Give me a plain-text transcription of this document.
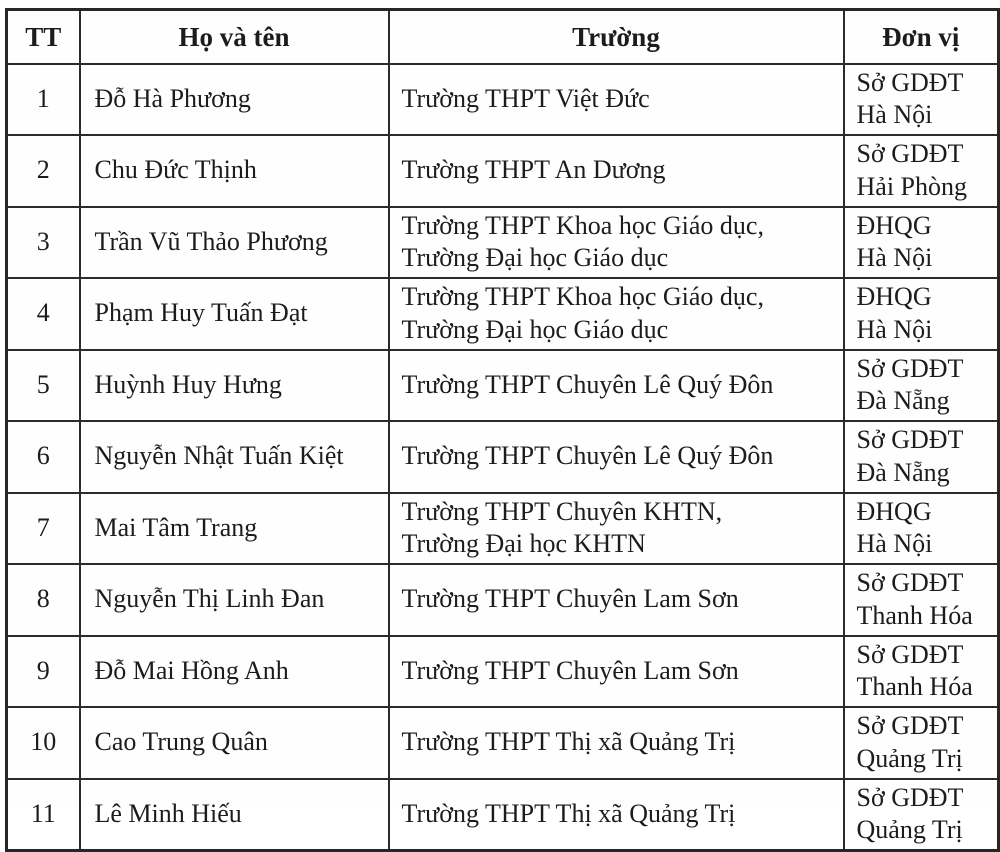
TT	Họ và tên	Trường	Đơn vị
1	Đỗ Hà Phương	Trường THPT Việt Đức	Sở GDĐT
Hà Nội
2	Chu Đức Thịnh	Trường THPT An Dương	Sở GDĐT
Hải Phòng
3	Trần Vũ Thảo Phương	Trường THPT Khoa học Giáo dục,
Trường Đại học Giáo dục	ĐHQG
Hà Nội
4	Phạm Huy Tuấn Đạt	Trường THPT Khoa học Giáo dục,
Trường Đại học Giáo dục	ĐHQG
Hà Nội
5	Huỳnh Huy Hưng	Trường THPT Chuyên Lê Quý Đôn	Sở GDĐT
Đà Nẵng
6	Nguyễn Nhật Tuấn Kiệt	Trường THPT Chuyên Lê Quý Đôn	Sở GDĐT
Đà Nẵng
7	Mai Tâm Trang	Trường THPT Chuyên KHTN,
Trường Đại học KHTN	ĐHQG
Hà Nội
8	Nguyễn Thị Linh Đan	Trường THPT Chuyên Lam Sơn	Sở GDĐT
Thanh Hóa
9	Đỗ Mai Hồng Anh	Trường THPT Chuyên Lam Sơn	Sở GDĐT
Thanh Hóa
10	Cao Trung Quân	Trường THPT Thị xã Quảng Trị	Sở GDĐT
Quảng Trị
11	Lê Minh Hiếu	Trường THPT Thị xã Quảng Trị	Sở GDĐT
Quảng Trị
